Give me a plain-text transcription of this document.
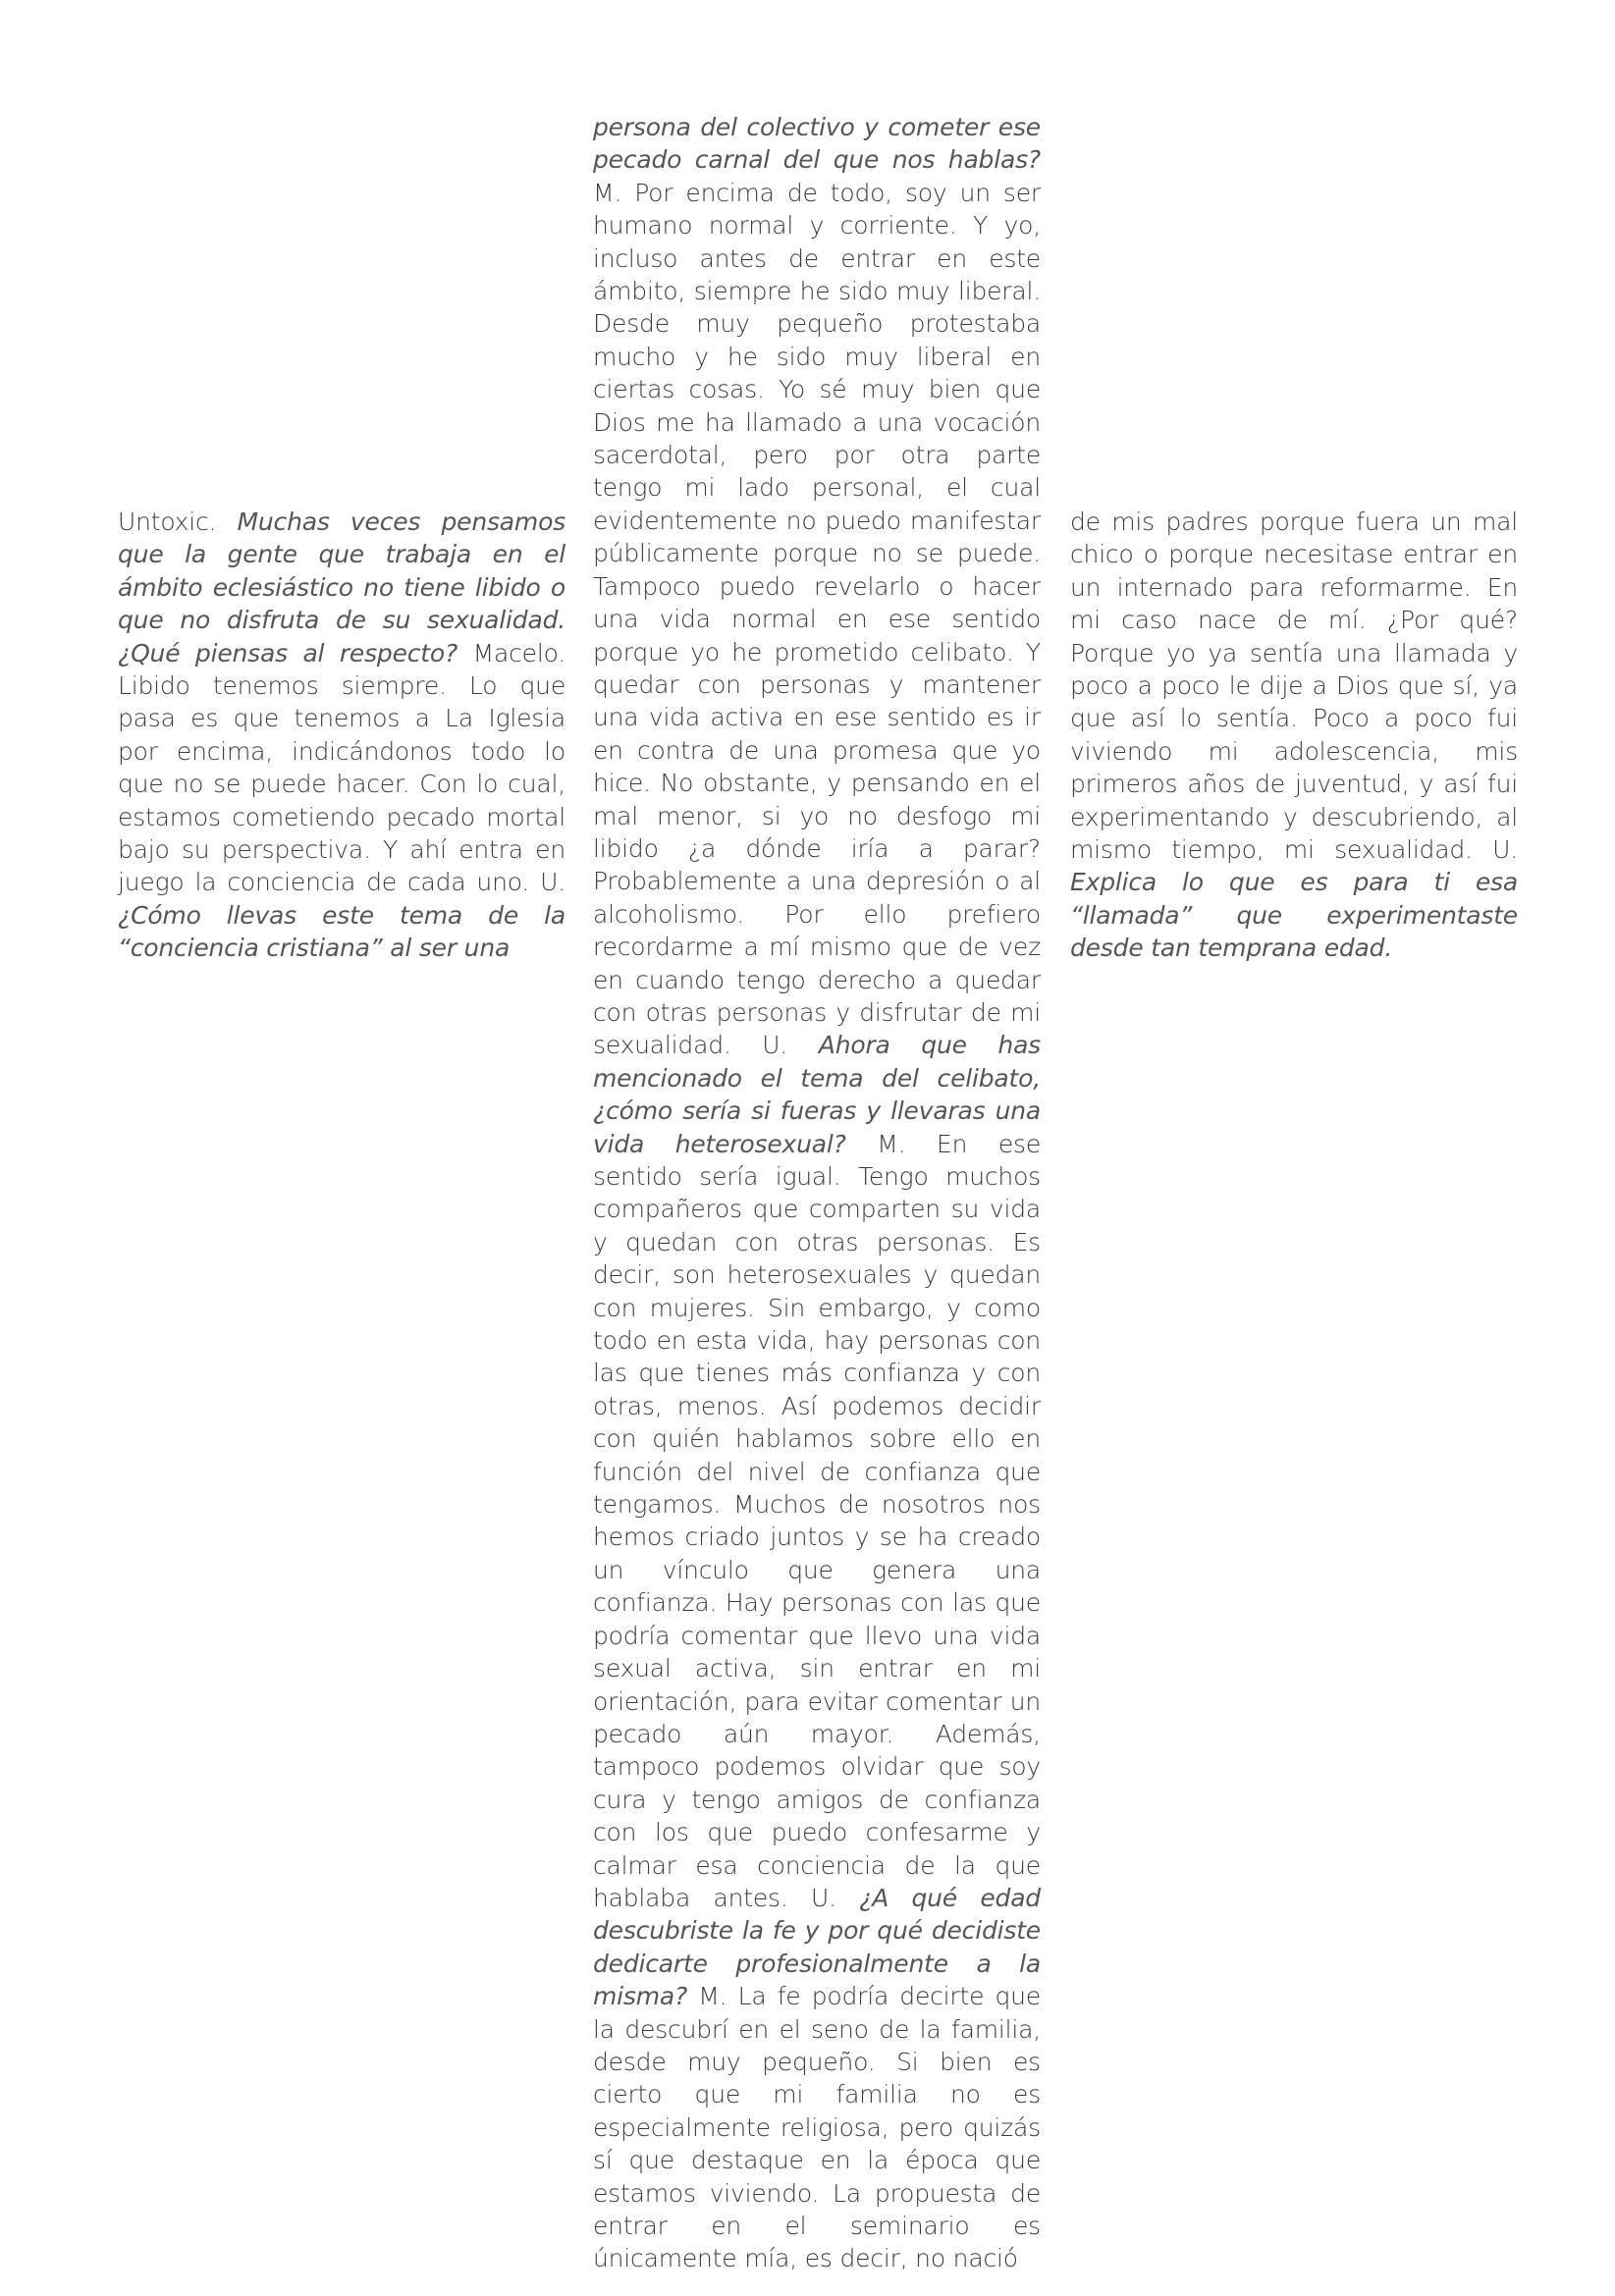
Untoxic. Muchas veces pensamos que la gente que trabaja en el ámbito eclesiástico no tiene libido o que no disfruta de su sexualidad. ¿Qué piensas al respecto? Macelo. Libido tenemos siempre. Lo que pasa es que tenemos a La Iglesia por encima, indicándonos todo lo que no se puede hacer. Con lo cual, estamos cometiendo pecado mortal bajo su perspectiva. Y ahí entra en juego la conciencia de cada uno. U. ¿Cómo llevas este tema de la “conciencia cristiana” al ser una

persona del colectivo y cometer ese pecado carnal del que nos hablas? M. Por encima de todo, soy un ser humano normal y corriente. Y yo, incluso antes de entrar en este ámbito, siempre he sido muy liberal. Desde muy pequeño protestaba mucho y he sido muy liberal en ciertas cosas. Yo sé muy bien que Dios me ha llamado a una vocación sacerdotal, pero por otra parte tengo mi lado personal, el cual evidentemente no puedo manifestar públicamente porque no se puede. Tampoco puedo revelarlo o hacer una vida normal en ese sentido porque yo he prometido celibato. Y quedar con personas y mantener una vida activa en ese sentido es ir en contra de una promesa que yo hice. No obstante, y pensando en el mal menor, si yo no desfogo mi libido ¿a dónde iría a parar? Probablemente a una depresión o al alcoholismo. Por ello prefiero recordarme a mí mismo que de vez en cuando tengo derecho a quedar con otras personas y disfrutar de mi sexualidad. U. Ahora que has mencionado el tema del celibato, ¿cómo sería si fueras y llevaras una vida heterosexual? M. En ese sentido sería igual. Tengo muchos compañeros que comparten su vida y quedan con otras personas. Es decir, son heterosexuales y quedan con mujeres. Sin embargo, y como todo en esta vida, hay personas con las que tienes más confianza y con otras, menos. Así podemos decidir con quién hablamos sobre ello en función del nivel de confianza que tengamos. Muchos de nosotros nos hemos criado juntos y se ha creado un vínculo que genera una confianza. Hay personas con las que podría comentar que llevo una vida sexual activa, sin entrar en mi orientación, para evitar comentar un pecado aún mayor. Además, tampoco podemos olvidar que soy cura y tengo amigos de confianza con los que puedo confesarme y calmar esa conciencia de la que hablaba antes. U. ¿A qué edad descubriste la fe y por qué decidiste dedicarte profesionalmente a la misma? M. La fe podría decirte que la descubrí en el seno de la familia, desde muy pequeño. Si bien es cierto que mi familia no es especialmente religiosa, pero quizás sí que destaque en la época que estamos viviendo. La propuesta de entrar en el seminario es únicamente mía, es decir, no nació

de mis padres porque fuera un mal chico o porque necesitase entrar en un internado para reformarme. En mi caso nace de mí. ¿Por qué? Porque yo ya sentía una llamada y poco a poco le dije a Dios que sí, ya que así lo sentía. Poco a poco fui viviendo mi adolescencia, mis primeros años de juventud, y así fui experimentando y descubriendo, al mismo tiempo, mi sexualidad. U. Explica lo que es para ti esa “llamada” que experimentaste desde tan temprana edad.
